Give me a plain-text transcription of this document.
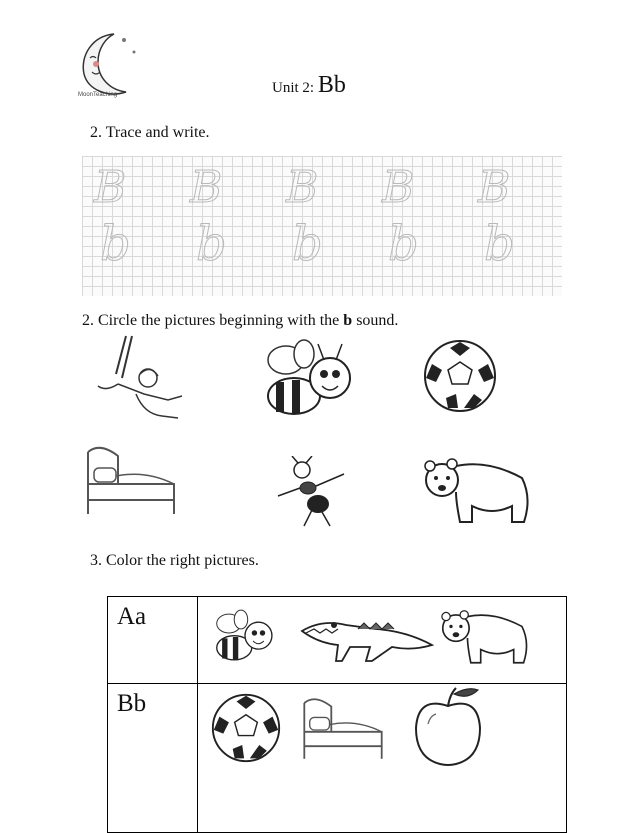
MoonTeaching	Unit 2: Bb
2. Trace and write.
B
b
B
b
B
b
B
b
B
b
2. Circle the pictures beginning with the b sound.
3. Color the right pictures.
Aa	

Bb	
